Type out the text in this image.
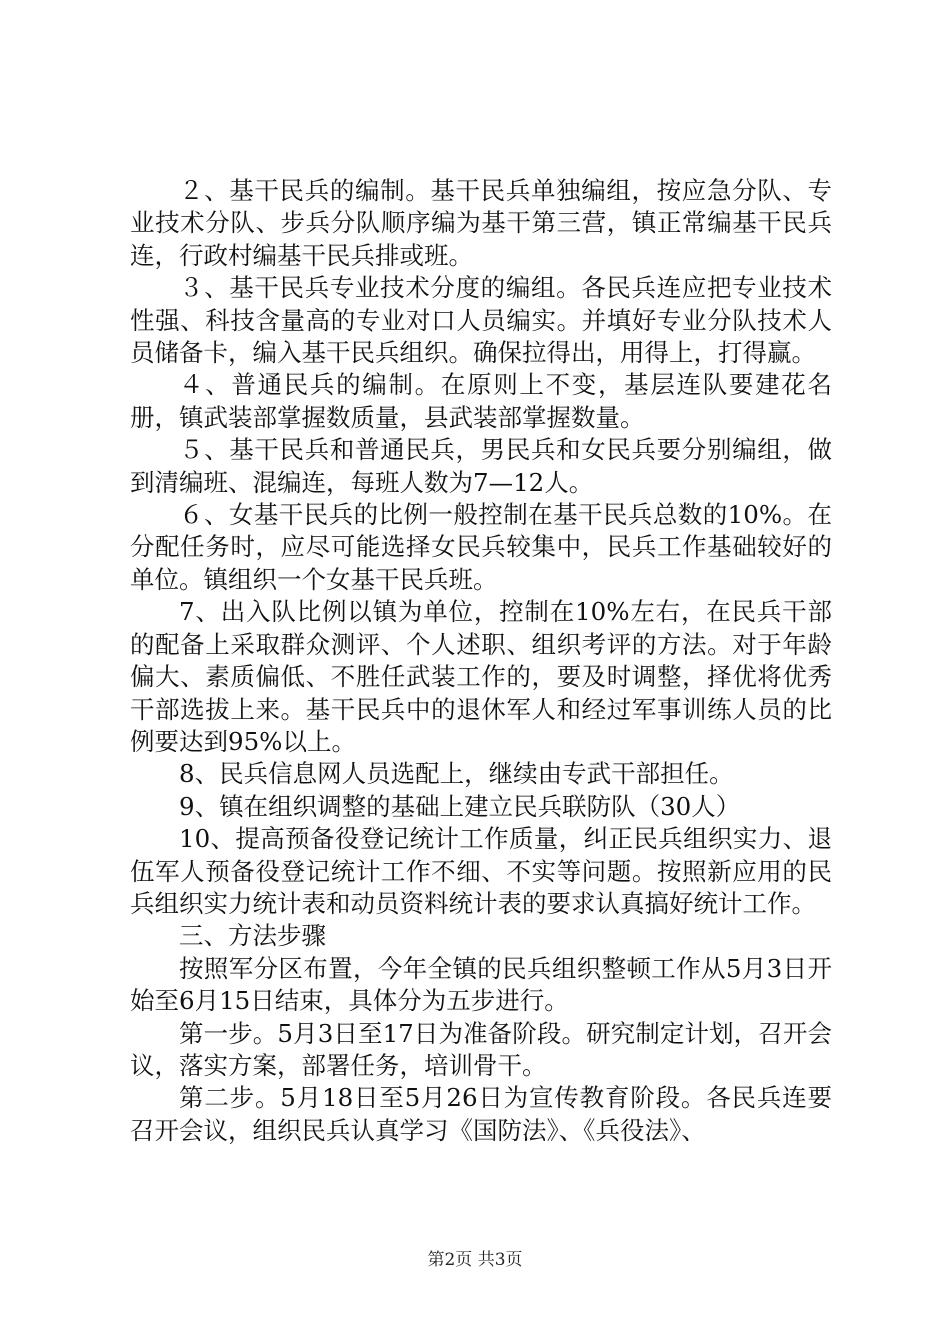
２、基干民兵的编制。基干民兵单独编组，按应急分队、专业技术分队、步兵分队顺序编为基干第三营，镇正常编基干民兵连，行政村编基干民兵排或班。

３、基干民兵专业技术分度的编组。各民兵连应把专业技术性强、科技含量高的专业对口人员编实。并填好专业分队技术人员储备卡，编入基干民兵组织。确保拉得出，用得上，打得赢。

４、普通民兵的编制。在原则上不变，基层连队要建花名册，镇武装部掌握数质量，县武装部掌握数量。

５、基干民兵和普通民兵，男民兵和女民兵要分别编组，做到清编班、混编连，每班人数为7—12人。

６、女基干民兵的比例一般控制在基干民兵总数的10%。在分配任务时，应尽可能选择女民兵较集中，民兵工作基础较好的单位。镇组织一个女基干民兵班。

7、出入队比例以镇为单位，控制在10%左右，在民兵干部的配备上采取群众测评、个人述职、组织考评的方法。对于年龄偏大、素质偏低、不胜任武装工作的，要及时调整，择优将优秀干部选拔上来。基干民兵中的退休军人和经过军事训练人员的比例要达到95%以上。

8、民兵信息网人员选配上，继续由专武干部担任。

9、镇在组织调整的基础上建立民兵联防队（30人）

10、提高预备役登记统计工作质量，纠正民兵组织实力、退伍军人预备役登记统计工作不细、不实等问题。按照新应用的民兵组织实力统计表和动员资料统计表的要求认真搞好统计工作。

三、方法步骤

按照军分区布置，今年全镇的民兵组织整顿工作从5月3日开始至6月15日结束，具体分为五步进行。

第一步。5月3日至17日为准备阶段。研究制定计划，召开会议，落实方案，部署任务，培训骨干。

第二步。5月18日至5月26日为宣传教育阶段。各民兵连要召开会议，组织民兵认真学习《国防法》、《兵役法》、

第2页 共3页
